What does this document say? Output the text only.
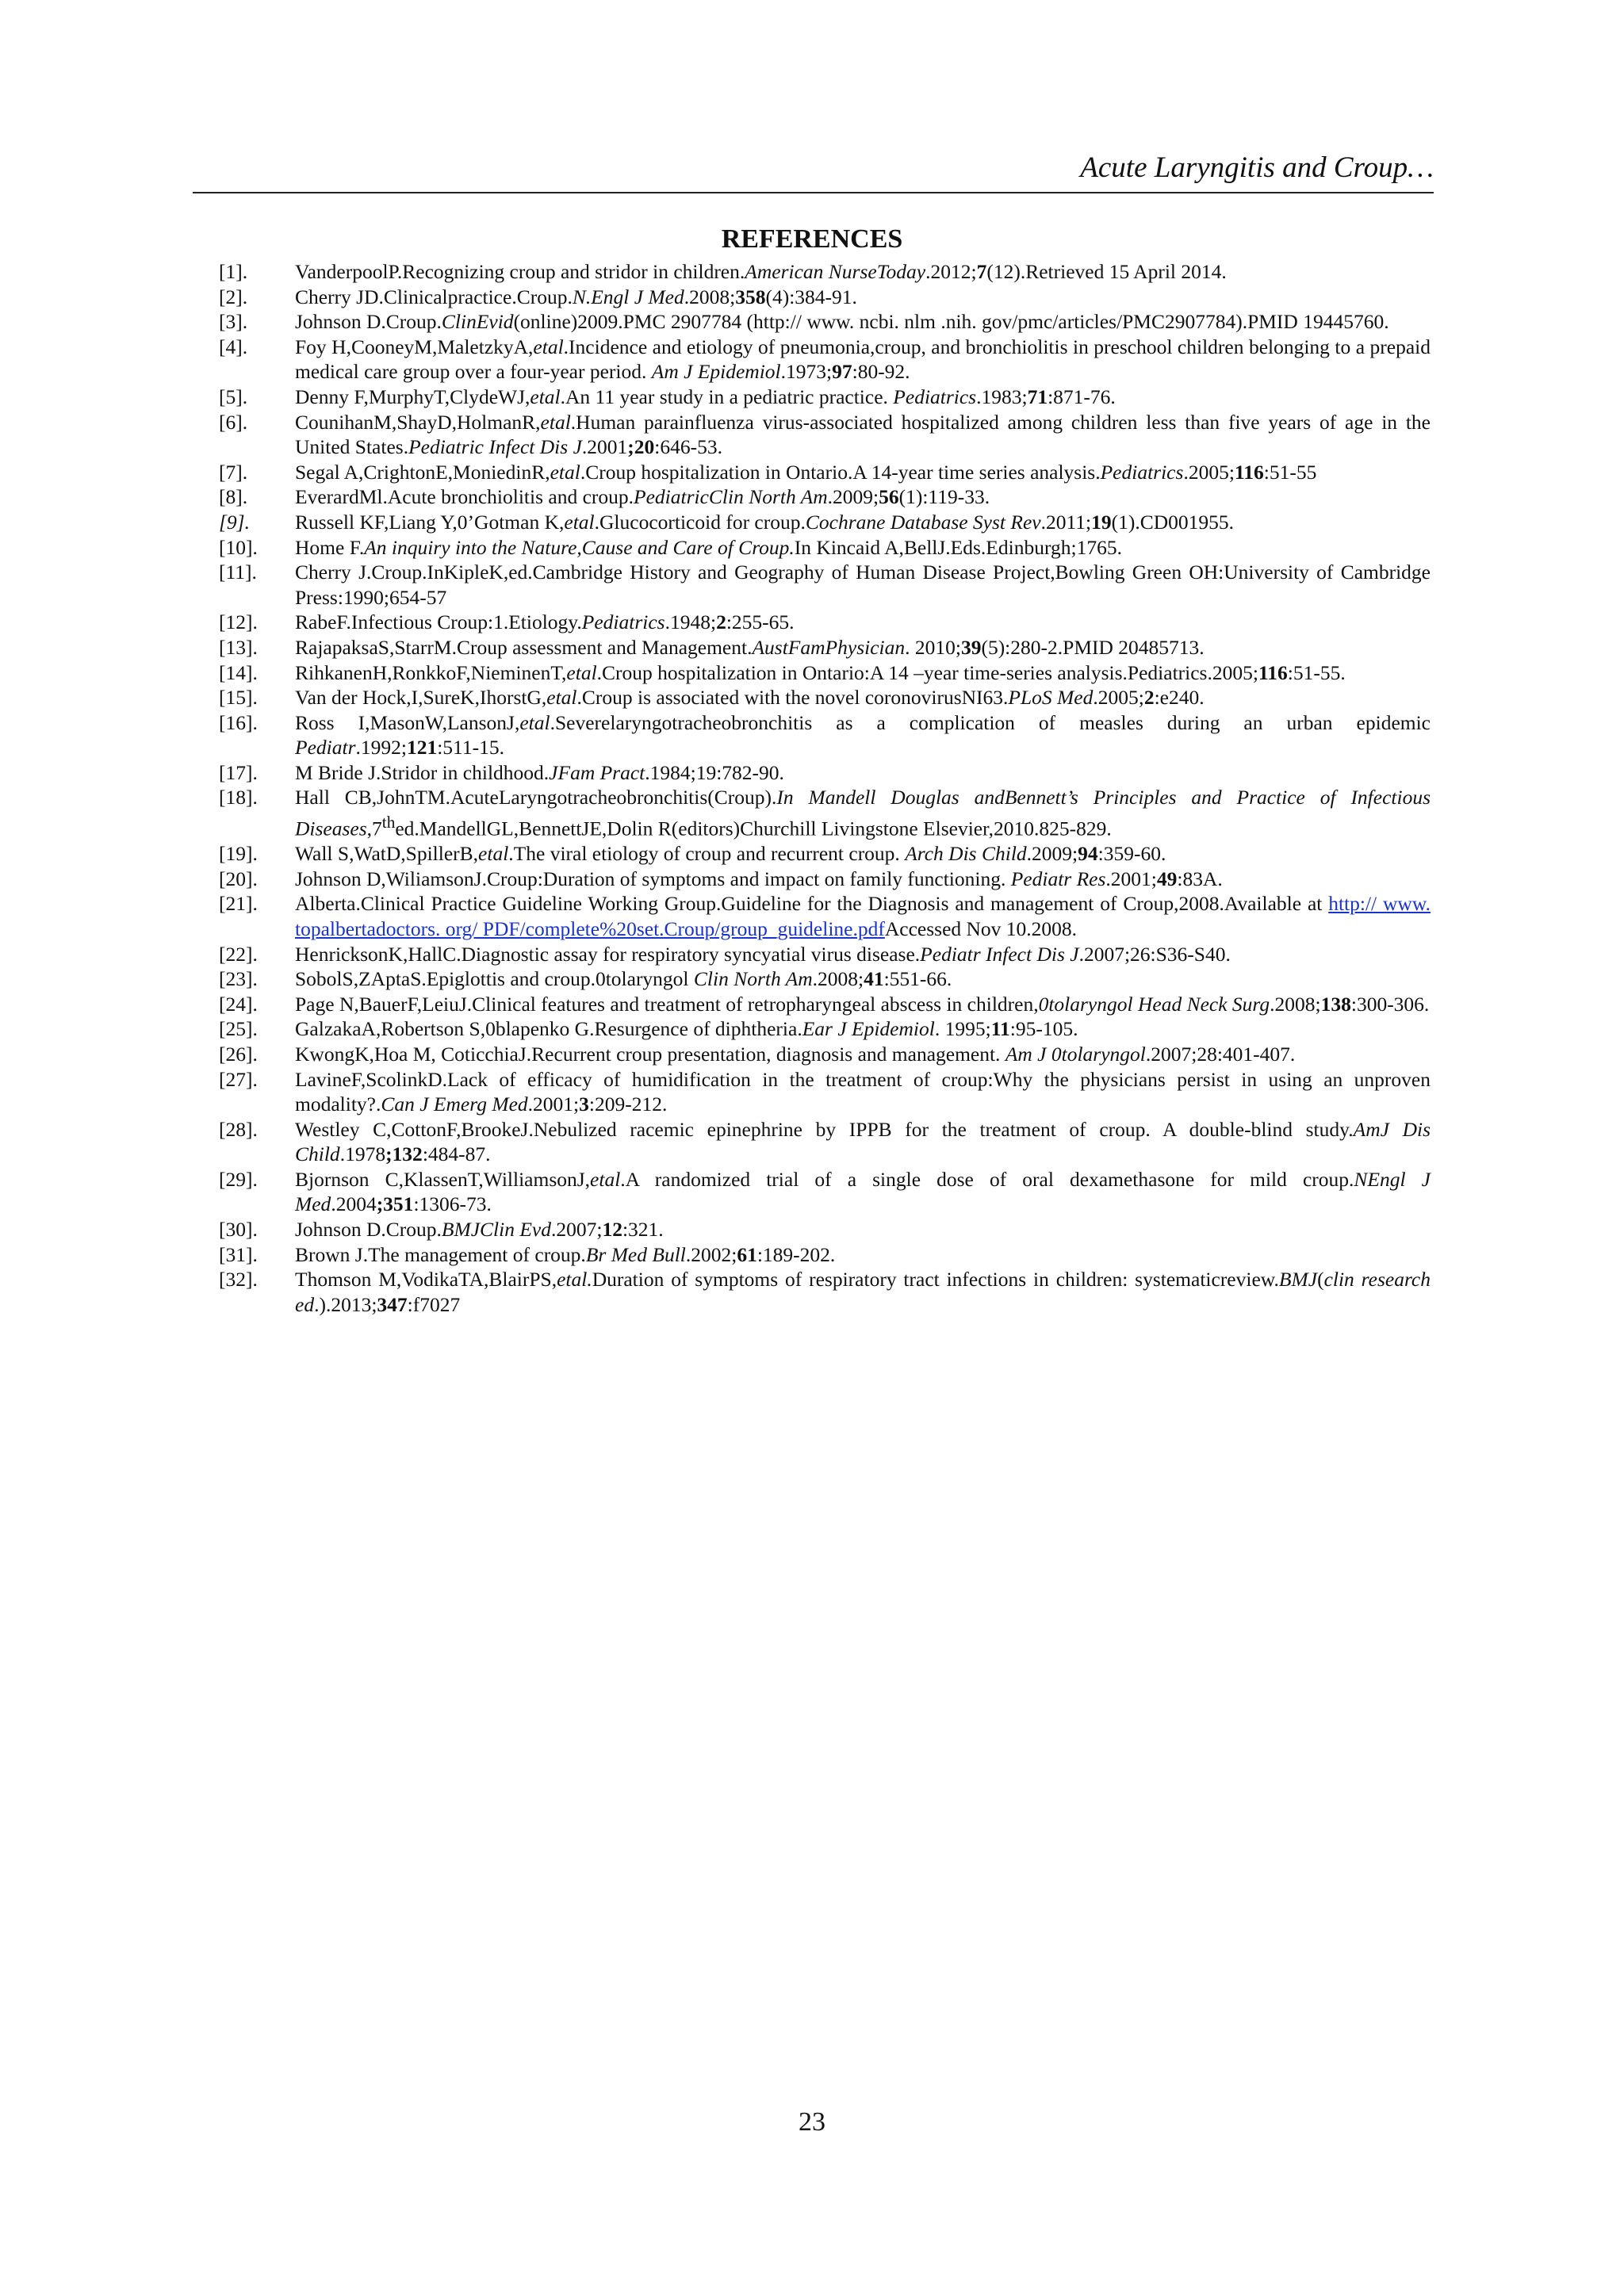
Acute Laryngitis and Croup…
REFERENCES
[1].	VanderpoolP.Recognizing croup and stridor in children.American NurseToday.2012;7(12).Retrieved 15 April 2014.
[2].	Cherry JD.Clinicalpractice.Croup.N.Engl J Med.2008;358(4):384-91.
[3].	Johnson D.Croup.ClinEvid(online)2009.PMC 2907784 (http:// www. ncbi. nlm .nih. gov/pmc/articles/PMC2907784).PMID 19445760.
[4].	Foy H,CooneyM,MaletzkyA,etal.Incidence and etiology of pneumonia,croup, and bronchiolitis in preschool children belonging to a prepaid medical care group over a four-year period. Am J Epidemiol.1973;97:80-92.
[5].	Denny F,MurphyT,ClydeWJ,etal.An 11 year study in a pediatric practice. Pediatrics.1983;71:871-76.
[6].	CounihanM,ShayD,HolmanR,etal.Human parainfluenza virus-associated hospitalized among children less than five years of age in the United States.Pediatric Infect Dis J.2001;20:646-53.
[7].	Segal A,CrightonE,MoniedinR,etal.Croup hospitalization in Ontario.A 14-year time series analysis.Pediatrics.2005;116:51-55
[8].	EverardMl.Acute bronchiolitis and croup.PediatricClin North Am.2009;56(1):119-33.
[9].	Russell KF,Liang Y,0’Gotman K,etal.Glucocorticoid for croup.Cochrane Database Syst Rev.2011;19(1).CD001955.
[10].	Home F.An inquiry into the Nature,Cause and Care of Croup.In Kincaid A,BellJ.Eds.Edinburgh;1765.
[11].	Cherry J.Croup.InKipleK,ed.Cambridge History and Geography of Human Disease Project,Bowling Green OH:University of Cambridge Press:1990;654-57
[12].	RabeF.Infectious Croup:1.Etiology.Pediatrics.1948;2:255-65.
[13].	RajapaksaS,StarrM.Croup assessment and Management.AustFamPhysician. 2010;39(5):280-2.PMID 20485713.
[14].	RihkanenH,RonkkoF,NieminenT,etal.Croup hospitalization in Ontario:A 14 –year time-series analysis.Pediatrics.2005;116:51-55.
[15].	Van der Hock,I,SureK,IhorstG,etal.Croup is associated with the novel coronovirusNI63.PLoS Med.2005;2:e240.
[16].	Ross I,MasonW,LansonJ,etal.Severelaryngotracheobronchitis as a complication of measles during an urban epidemic Pediatr.1992;121:511-15.
[17].	M Bride J.Stridor in childhood.JFam Pract.1984;19:782-90.
[18].	Hall CB,JohnTM.AcuteLaryngotracheobronchitis(Croup).In Mandell Douglas andBennett’s Principles and Practice of Infectious Diseases,7thed.MandellGL,BennettJE,Dolin R(editors)Churchill Livingstone Elsevier,2010.825-829.
[19].	Wall S,WatD,SpillerB,etal.The viral etiology of croup and recurrent croup. Arch Dis Child.2009;94:359-60.
[20].	Johnson D,WiliamsonJ.Croup:Duration of symptoms and impact on family functioning. Pediatr Res.2001;49:83A.
[21].	Alberta.Clinical Practice Guideline Working Group.Guideline for the Diagnosis and management of Croup,2008.Available at http:// www. topalbertadoctors. org/ PDF/complete%20set.Croup/group_guideline.pdfAccessed Nov 10.2008.
[22].	HenricksonK,HallC.Diagnostic assay for respiratory syncyatial virus disease.Pediatr Infect Dis J.2007;26:S36-S40.
[23].	SobolS,ZAptaS.Epiglottis and croup.0tolaryngol Clin North Am.2008;41:551-66.
[24].	Page N,BauerF,LeiuJ.Clinical features and treatment of retropharyngeal abscess in children,0tolaryngol Head Neck Surg.2008;138:300-306.
[25].	GalzakaA,Robertson S,0blapenko G.Resurgence of diphtheria.Ear J Epidemiol. 1995;11:95-105.
[26].	KwongK,Hoa M, CoticchiaJ.Recurrent croup presentation, diagnosis and management. Am J 0tolaryngol.2007;28:401-407.
[27].	LavineF,ScolinkD.Lack of efficacy of humidification in the treatment of croup:Why the physicians persist in using an unproven modality?.Can J Emerg Med.2001;3:209-212.
[28].	Westley C,CottonF,BrookeJ.Nebulized racemic epinephrine by IPPB for the treatment of croup. A double-blind study.AmJ Dis Child.1978;132:484-87.
[29].	Bjornson C,KlassenT,WilliamsonJ,etal.A randomized trial of a single dose of oral dexamethasone for mild croup.NEngl J Med.2004;351:1306-73.
[30].	Johnson D.Croup.BMJClin Evd.2007;12:321.
[31].	Brown J.The management of croup.Br Med Bull.2002;61:189-202.
[32].	Thomson M,VodikaTA,BlairPS,etal.Duration of symptoms of respiratory tract infections in children: systematicreview.BMJ(clin research ed.).2013;347:f7027
23
